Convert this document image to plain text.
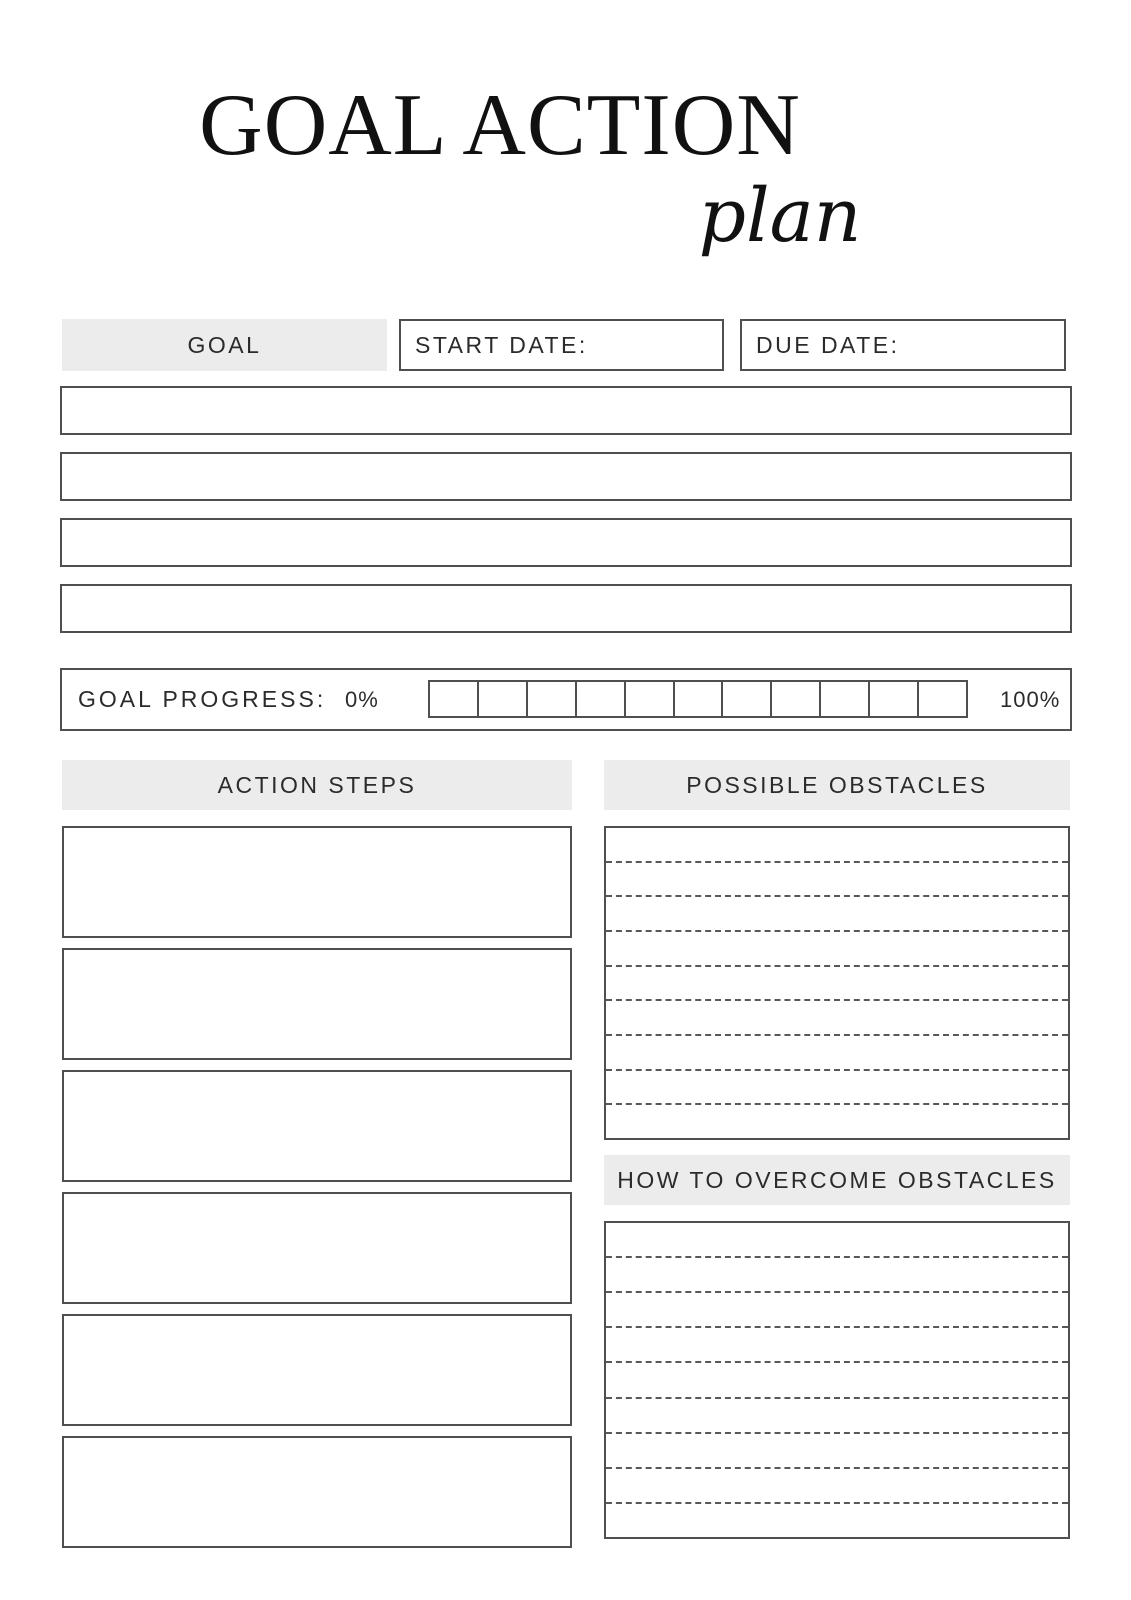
GOAL ACTION
plan
GOAL	START DATE:	DUE DATE:
GOAL PROGRESS: 0%	100%
ACTION STEPS	POSSIBLE OBSTACLES
HOW TO OVERCOME OBSTACLES
